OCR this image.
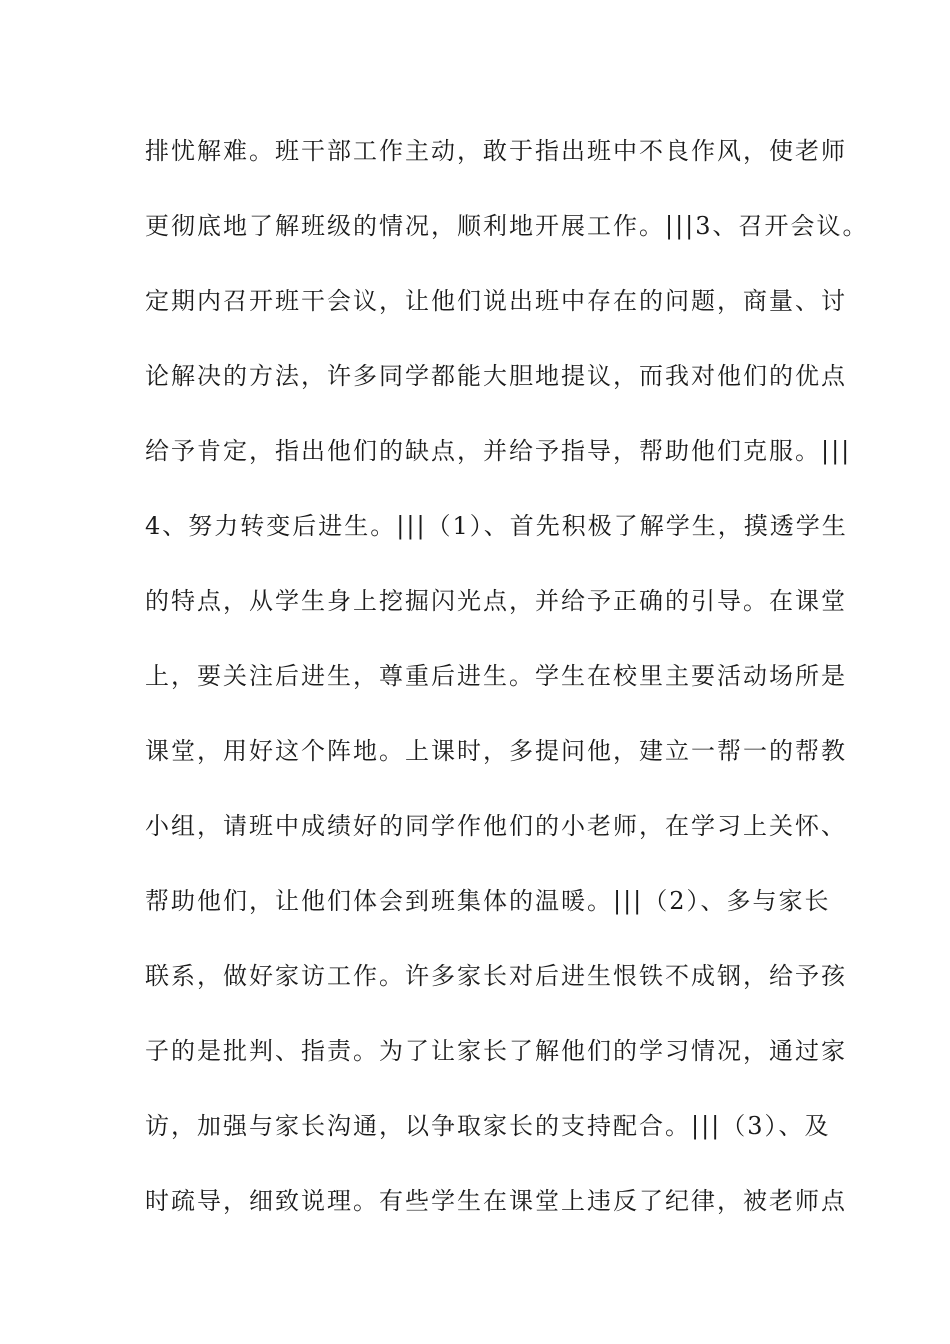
排忧解难。班干部工作主动，敢于指出班中不良作风，使老师
更彻底地了解班级的情况，顺利地开展工作。|||3、召开会议。
定期内召开班干会议，让他们说出班中存在的问题，商量、讨
论解决的方法，许多同学都能大胆地提议，而我对他们的优点
给予肯定，指出他们的缺点，并给予指导，帮助他们克服。|||
4、努力转变后进生。|||（1）、首先积极了解学生，摸透学生
的特点，从学生身上挖掘闪光点，并给予正确的引导。在课堂
上，要关注后进生，尊重后进生。学生在校里主要活动场所是
课堂，用好这个阵地。上课时，多提问他，建立一帮一的帮教
小组，请班中成绩好的同学作他们的小老师，在学习上关怀、
帮助他们，让他们体会到班集体的温暖。|||（2）、多与家长
联系，做好家访工作。许多家长对后进生恨铁不成钢，给予孩
子的是批判、指责。为了让家长了解他们的学习情况，通过家
访，加强与家长沟通，以争取家长的支持配合。|||（3）、及
时疏导，细致说理。有些学生在课堂上违反了纪律，被老师点
